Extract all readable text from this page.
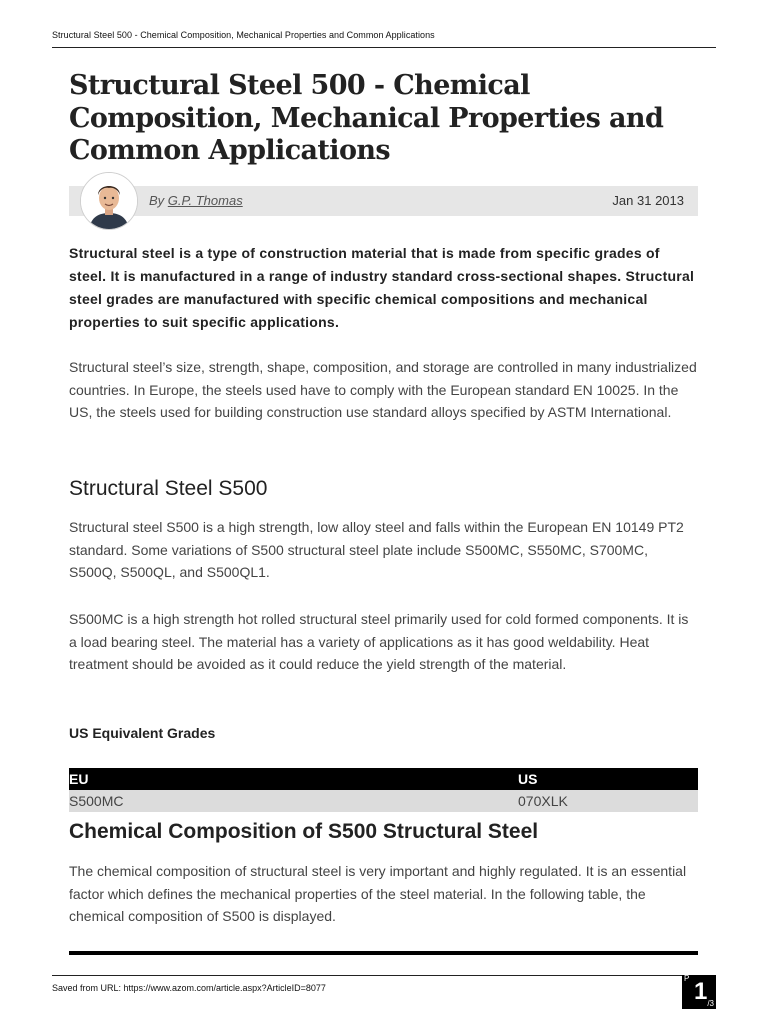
Structural Steel 500 - Chemical Composition, Mechanical Properties and Common Applications
Structural Steel 500 - Chemical Composition, Mechanical Properties and Common Applications
By G.P. Thomas	Jan 31 2013

Structural steel is a type of construction material that is made from specific grades of steel. It is manufactured in a range of industry standard cross-sectional shapes. Structural steel grades are manufactured with specific chemical compositions and mechanical properties to suit specific applications.

Structural steel’s size, strength, shape, composition, and storage are controlled in many industrialized countries. In Europe, the steels used have to comply with the European standard EN 10025. In the US, the steels used for building construction use standard alloys specified by ASTM International.

Structural Steel S500

Structural steel S500 is a high strength, low alloy steel and falls within the European EN 10149 PT2 standard. Some variations of S500 structural steel plate include S500MC, S550MC, S700MC, S500Q, S500QL, and S500QL1.

S500MC is a high strength hot rolled structural steel primarily used for cold formed components. It is a load bearing steel. The material has a variety of applications as it has good weldability. Heat treatment should be avoided as it could reduce the yield strength of the material.

US Equivalent Grades
EU	US
S500MC	070XLK
Chemical Composition of S500 Structural Steel

The chemical composition of structural steel is very important and highly regulated. It is an essential factor which defines the mechanical properties of the steel material. In the following table, the chemical composition of S500 is displayed.

Saved from URL: https://www.azom.com/article.aspx?ArticleID=8077
P 1 /3
